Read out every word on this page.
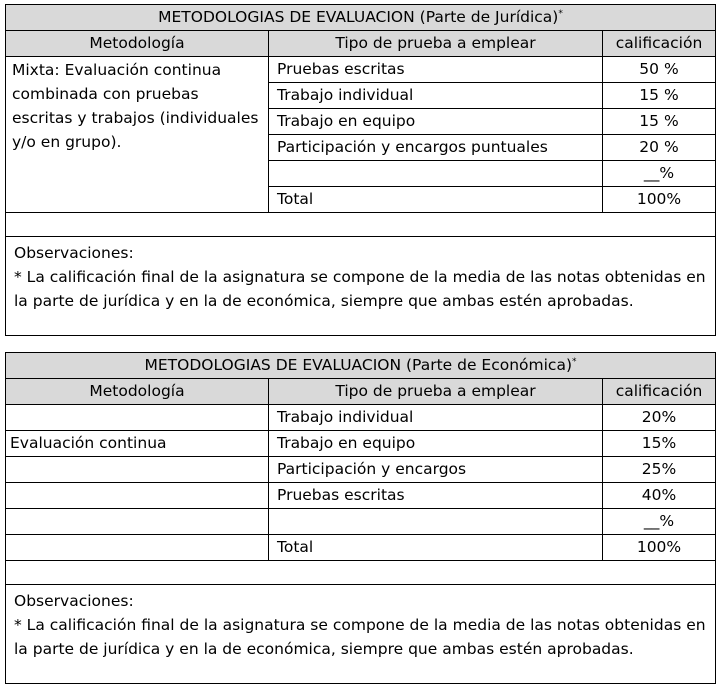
METODOLOGIAS DE EVALUACION (Parte de Jurídica)*
Metodología	Tipo de prueba a emplear	calificación
Mixta: Evaluación continua combinada con pruebas escritas y trabajos (individuales y/o en grupo).	Pruebas escritas	50 %
	Trabajo individual	15 %
	Trabajo en equipo	15 %
	Participación y encargos puntuales	20 %
		__%
	Total	100%

Observaciones:

* La calificación final de la asignatura se compone de la media de las notas obtenidas en la parte de jurídica y en la de económica, siempre que ambas estén aprobadas.		

METODOLOGIAS DE EVALUACION (Parte de Económica)*
Metodología	Tipo de prueba a emplear	calificación
	Trabajo individual	20%
Evaluación continua	Trabajo en equipo	15%
	Participación y encargos	25%
	Pruebas escritas	40%
		__%
	Total	100%

Observaciones:

* La calificación final de la asignatura se compone de la media de las notas obtenidas en la parte de jurídica y en la de económica, siempre que ambas estén aprobadas.		
